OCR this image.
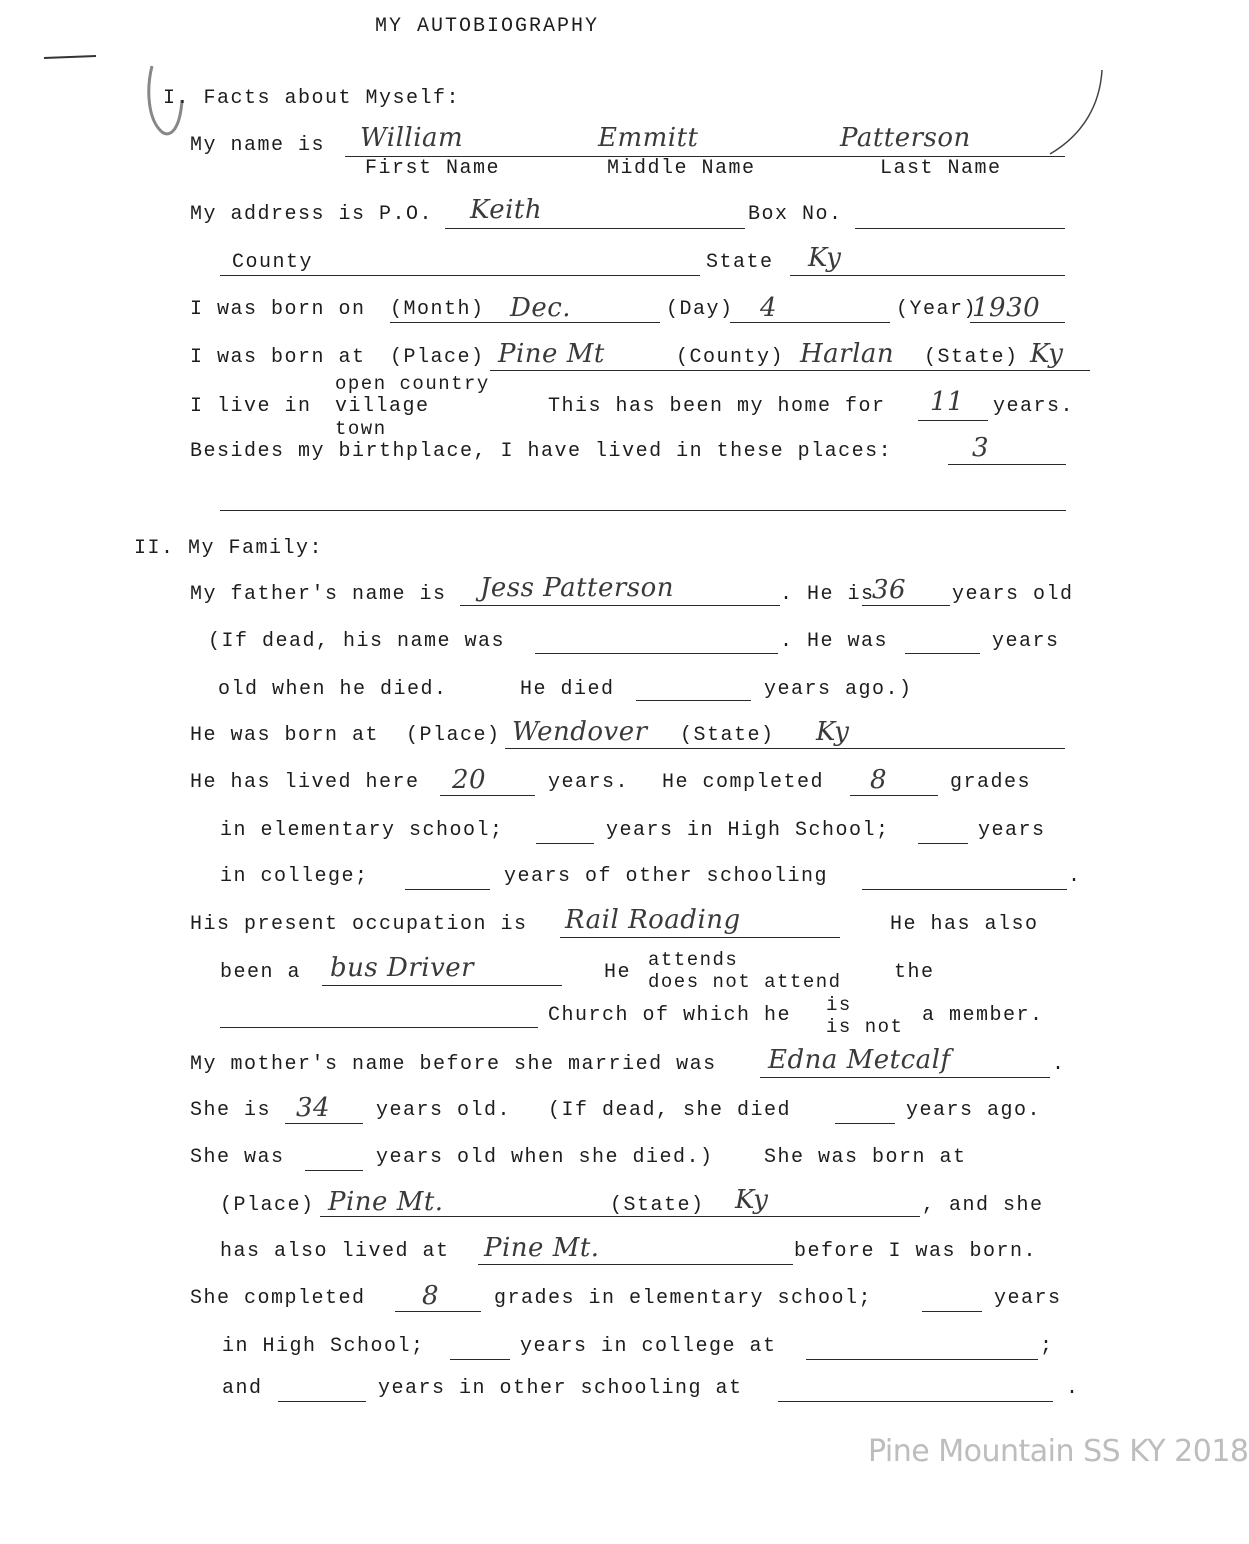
MY AUTOBIOGRAPHY
I. Facts about Myself:
My name is William	Emmitt	Patterson
First Name	Middle Name	Last Name
My address is P.O. Keith	Box No.
County	State Ky
I was born on (Month) Dec.	(Day) 4	(Year)
1930
I was born at (Place) Pine Mt	(County) Harlan (State) Ky
open country
I live in village
town
This has been my home for 11 years.
Besides my birthplace, I have lived in these places:	3
II. My Family:
My father's name is Jess Patterson	. He is
36 years old
(If dead, his name was	. He was	years
old when he died.	He died	years ago.)
He was born at (Place) Wendover (State) Ky
He has lived here 20	years. He completed 8	grades
in elementary school;	years in High School;	years
in college;	years of other schooling	.
His present occupation is Rail Roading	He has also
been a bus Driver	He
attends
does not attend	the
Church of which he is
is not a member.
My mother's name before she married was Edna Metcalf	.
She is 34 years old. (If dead, she died	years ago.
She was	years old when she died.)	She was born at
(Place) Pine Mt.	(State) Ky	, and she
has also lived at Pine Mt.	before I was born.
She completed 8	grades in elementary school;	years
in High School;	years in college at	;
and	years in other schooling at	.
Pine Mountain SS KY 2018
